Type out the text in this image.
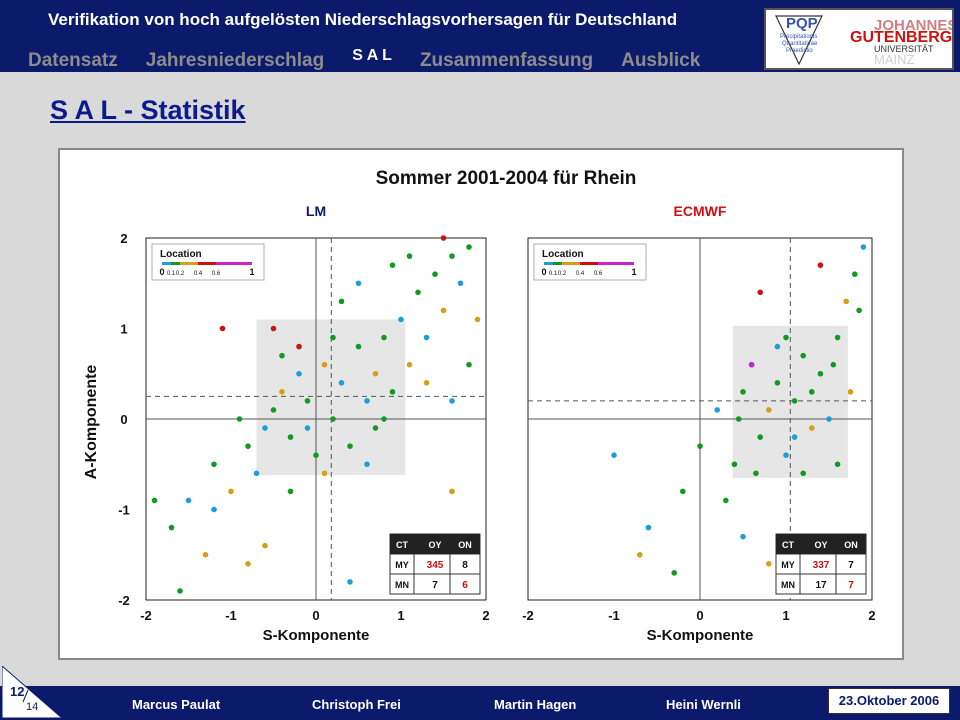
Verifikation von hoch aufgelösten Niederschlagsvorhersagen für Deutschland
Datensatz Jahresniederschlag S A L Zusammenfassung Ausblick
PQP
Precipitationis
Quantitativae
Praedictio
JOHANNES
GUTENBERG
UNIVERSITÄT
MAINZ
S A L - Statistik
Sommer 2001-2004 für Rhein
A-Komponente
LM
-2	-1	0	1	2
S-Komponente
-2
-1
0
1
2
Location
0 0.1 0.2 0.4 0.6	1
CT OY ON
MY 345 8
MN 7 6
ECMWF
-2	-1	0	1	2
S-Komponente
Location
0 0.1 0.2 0.4 0.6	1
CT OY ON
MY 337 7
MN 17 7
Marcus Paulat	Christoph Frei	Martin Hagen	Heini Wernli	23.Oktober 2006
12
14
